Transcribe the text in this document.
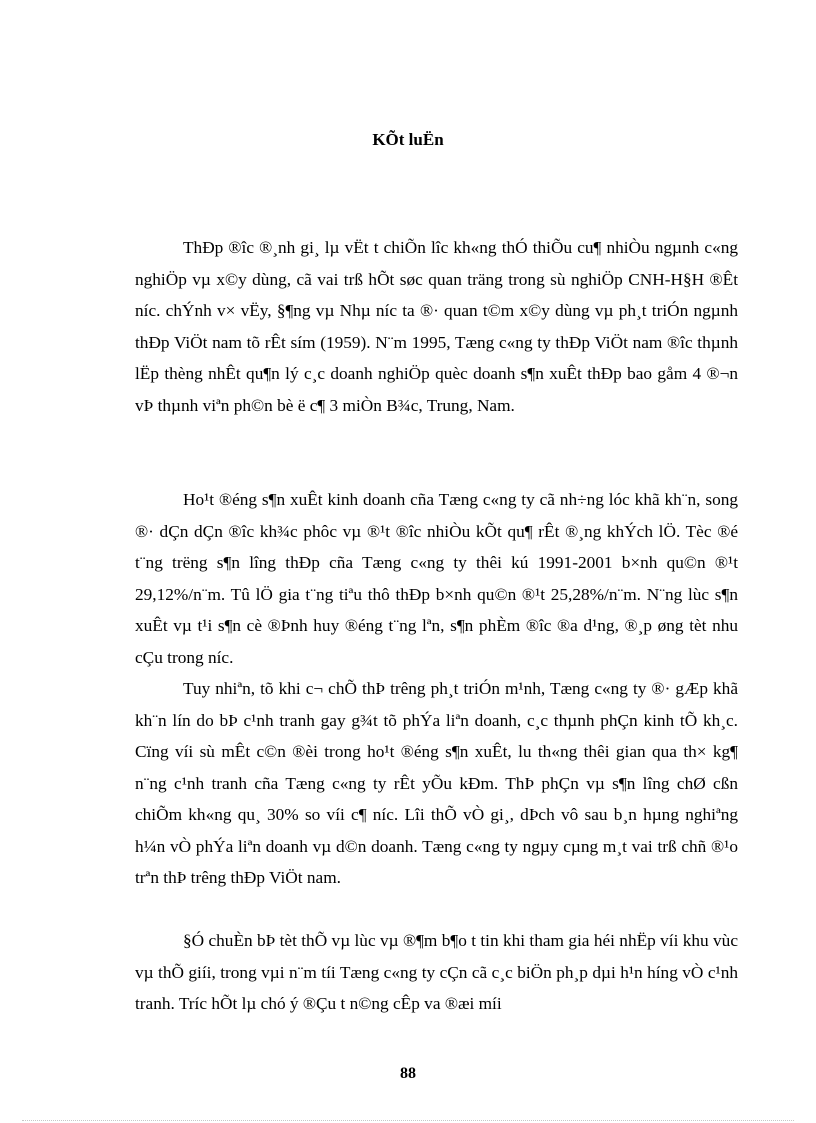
KÕt luËn

ThÐp ®îc ®¸nh gi¸ lµ vËt t chiÕn lîc kh«ng thÓ thiÕu cu¶ nhiÒu ngµnh c«ng nghiÖp vµ x©y dùng, cã vai trß hÕt søc quan träng trong sù nghiÖp CNH-H§H ®Êt níc. chÝnh v× vËy, §¶ng vµ Nhµ níc ta ®· quan t©m x©y dùng vµ ph¸t triÓn ngµnh thÐp ViÖt nam tõ rÊt sím (1959). N¨m 1995, Tæng c«ng ty thÐp ViÖt nam ®îc thµnh lËp thèng nhÊt qu¶n lý c¸c doanh nghiÖp quèc doanh s¶n xuÊt thÐp bao gåm 4 ®¬n vÞ thµnh viªn ph©n bè ë c¶ 3 miÒn B¾c, Trung, Nam.

Ho¹t ®éng s¶n xuÊt kinh doanh cña Tæng c«ng ty cã nh÷ng lóc khã kh¨n, song ®· dÇn dÇn ®îc kh¾c phôc vµ ®¹t ®îc nhiÒu kÕt qu¶ rÊt ®¸ng khÝch lÖ. Tèc ®é t¨ng trëng s¶n lîng thÐp cña Tæng c«ng ty thêi kú 1991-2001 b×nh qu©n ®¹t 29,12%/n¨m. Tû lÖ gia t¨ng tiªu thô thÐp b×nh qu©n ®¹t 25,28%/n¨m. N¨ng lùc s¶n xuÊt vµ t¹i s¶n cè ®Þnh huy ®éng t¨ng lªn, s¶n phÈm ®îc ®a d¹ng, ®¸p øng tèt nhu cÇu trong níc.

Tuy nhiªn, tõ khi c¬ chÕ thÞ trêng ph¸t triÓn m¹nh, Tæng c«ng ty ®· gÆp khã kh¨n lín do bÞ c¹nh tranh gay g¾t tõ phÝa liªn doanh, c¸c thµnh phÇn kinh tÕ kh¸c. Cïng víi sù mÊt c©n ®èi trong ho¹t ®éng s¶n xuÊt, lu th«ng thêi gian qua th× kg¶ n¨ng c¹nh tranh cña Tæng c«ng ty rÊt yÕu kÐm. ThÞ phÇn vµ s¶n lîng chØ cßn chiÕm kh«ng qu¸ 30% so víi c¶ níc. Lîi thÕ vÒ gi¸, dÞch vô sau b¸n hµng nghiªng h¼n vÒ phÝa liªn doanh vµ d©n doanh. Tæng c«ng ty ngµy cµng m¸t vai trß chñ ®¹o trªn thÞ trêng thÐp ViÖt nam.

§Ó chuÈn bÞ tèt thÕ vµ lùc vµ ®¶m b¶o t tin khi tham gia héi nhËp víi khu vùc vµ thÕ giíi, trong vµi n¨m tíi Tæng c«ng ty cÇn cã c¸c biÖn ph¸p dµi h¹n híng vÒ c¹nh tranh. Tríc hÕt lµ chó ý ®Çu t n©ng cÊp va ®æi míi

88
